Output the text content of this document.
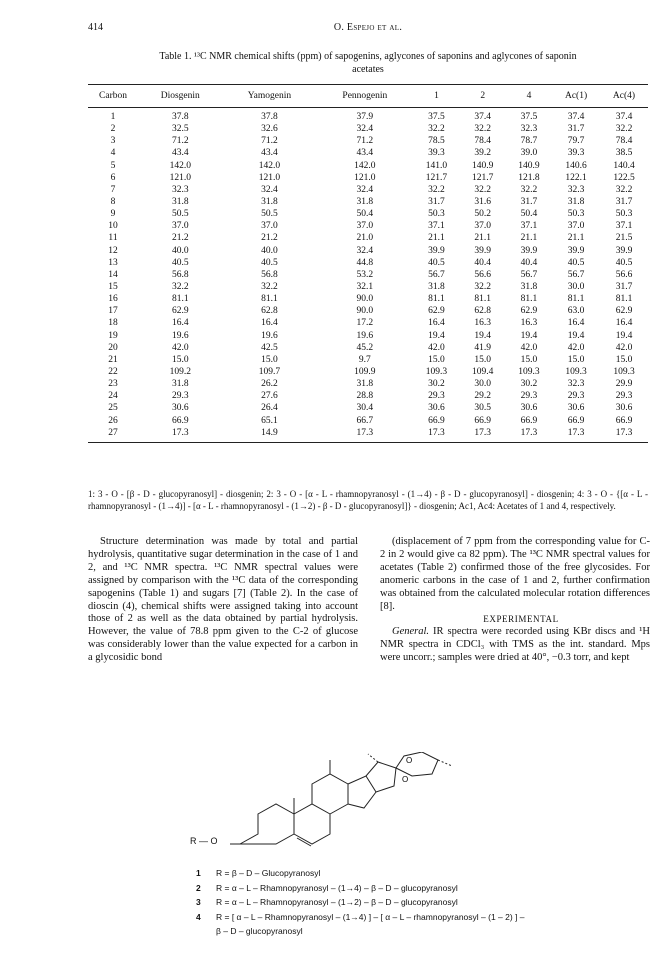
414	O. Espejo et al.
Table 1. ¹³C NMR chemical shifts (ppm) of sapogenins, aglycones of saponins and aglycones of saponin
acetates
Carbon	Diosgenin	Yamogenin	Pennogenin	1	2	4	Ac(1)	Ac(4)
1	37.8	37.8	37.9	37.5	37.4	37.5	37.4	37.4
2	32.5	32.6	32.4	32.2	32.2	32.3	31.7	32.2
3	71.2	71.2	71.2	78.5	78.4	78.7	79.7	78.4
4	43.4	43.4	43.4	39.3	39.2	39.0	39.3	38.5
5	142.0	142.0	142.0	141.0	140.9	140.9	140.6	140.4
6	121.0	121.0	121.0	121.7	121.7	121.8	122.1	122.5
7	32.3	32.4	32.4	32.2	32.2	32.2	32.3	32.2
8	31.8	31.8	31.8	31.7	31.6	31.7	31.8	31.7
9	50.5	50.5	50.4	50.3	50.2	50.4	50.3	50.3
10	37.0	37.0	37.0	37.1	37.0	37.1	37.0	37.1
11	21.2	21.2	21.0	21.1	21.1	21.1	21.1	21.5
12	40.0	40.0	32.4	39.9	39.9	39.9	39.9	39.9
13	40.5	40.5	44.8	40.5	40.4	40.4	40.5	40.5
14	56.8	56.8	53.2	56.7	56.6	56.7	56.7	56.6
15	32.2	32.2	32.1	31.8	32.2	31.8	30.0	31.7
16	81.1	81.1	90.0	81.1	81.1	81.1	81.1	81.1
17	62.9	62.8	90.0	62.9	62.8	62.9	63.0	62.9
18	16.4	16.4	17.2	16.4	16.3	16.3	16.4	16.4
19	19.6	19.6	19.6	19.4	19.4	19.4	19.4	19.4
20	42.0	42.5	45.2	42.0	41.9	42.0	42.0	42.0
21	15.0	15.0	9.7	15.0	15.0	15.0	15.0	15.0
22	109.2	109.7	109.9	109.3	109.4	109.3	109.3	109.3
23	31.8	26.2	31.8	30.2	30.0	30.2	32.3	29.9
24	29.3	27.6	28.8	29.3	29.2	29.3	29.3	29.3
25	30.6	26.4	30.4	30.6	30.5	30.6	30.6	30.6
26	66.9	65.1	66.7	66.9	66.9	66.9	66.9	66.9
27	17.3	14.9	17.3	17.3	17.3	17.3	17.3	17.3
1: 3 - O - [β - D - glucopyranosyl] - diosgenin; 2: 3 - O - [α - L - rhamnopyranosyl - (1→4) - β - D - glucopyranosyl] - diosgenin; 4: 3 - O - {[α - L - rhamnopyranosyl - (1→4)] - [α - L - rhamnopyranosyl - (1→2) - β - D - glucopyranosyl]} - diosgenin; Ac1, Ac4: Acetates of 1 and 4, respectively.

Structure determination was made by total and partial hydrolysis, quantitative sugar determination in the case of 1 and 2, and ¹³C NMR spectra. ¹³C NMR spectral values were assigned by comparison with the ¹³C data of the corresponding sapogenins (Table 1) and sugars [7] (Table 2). In the case of dioscin (4), chemical shifts were assigned taking into account those of 2 as well as the data obtained by partial hydrolysis. However, the value of 78.8 ppm given to the C-2 of glucose was considerably lower than the value expected for a carbon in a glycosidic bond

(displacement of 7 ppm from the corresponding value for C-2 in 2 would give ca 82 ppm). The ¹³C NMR spectral values for acetates (Table 2) confirmed those of the free glycosides. For anomeric carbons in the case of 1 and 2, further confirmation was obtained from the calculated molecular rotation differences [8].

EXPERIMENTAL

General. IR spectra were recorded using KBr discs and ¹H NMR spectra in CDCl₃ with TMS as the int. standard. Mps were uncorr.; samples were dried at 40°, −0.3 torr, and kept

O
O
R — O
1	R = β – D – Glucopyranosyl
2	R = α – L – Rhamnopyranosyl – (1→4) – β – D – glucopyranosyl
3	R = α – L – Rhamnopyranosyl – (1→2) – β – D – glucopyranosyl
4	R = [ α – L – Rhamnopyranosyl – (1→4) ] – [ α – L – rhamnopyranosyl – (1 – 2) ] –
β – D – glucopyranosyl
